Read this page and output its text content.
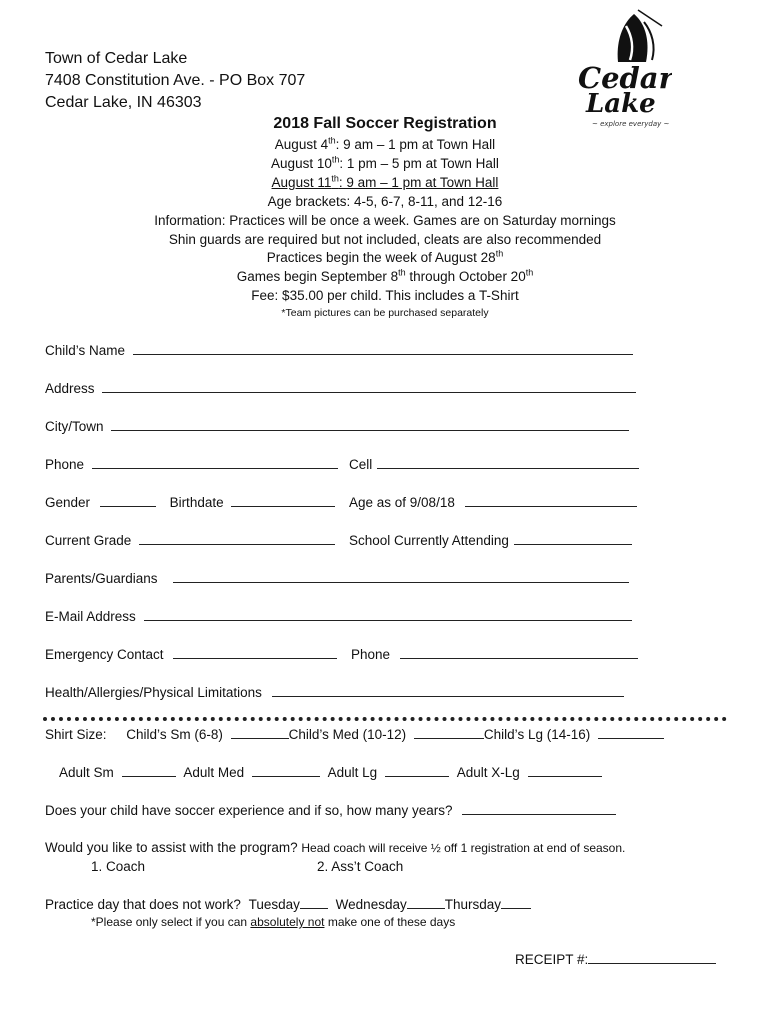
Town of Cedar Lake
7408 Constitution Ave. - PO Box 707
Cedar Lake, IN 46303
Cedar
Lake
~ explore everyday ~
2018 Fall Soccer Registration
August 4th: 9 am – 1 pm at Town Hall
August 10th: 1 pm – 5 pm at Town Hall
August 11th: 9 am – 1 pm at Town Hall
Age brackets: 4-5, 6-7, 8-11, and 12-16
Information: Practices will be once a week. Games are on Saturday mornings
Shin guards are required but not included, cleats are also recommended
Practices begin the week of August 28th
Games begin September 8th through October 20th
Fee: $35.00 per child. This includes a T-Shirt
*Team pictures can be purchased separately
Child’s Name
Address
City/Town
Phone	Cell
Gender	Birthdate	Age as of 9/08/18
Current Grade	School Currently Attending
Parents/Guardians
E-Mail Address
Emergency Contact	Phone
Health/Allergies/Physical Limitations
Shirt Size: Child’s Sm (6-8)	Child’s Med (10-12)	Child’s Lg (14-16)
Adult Sm	Adult Med	Adult Lg	Adult X-Lg
Does your child have soccer experience and if so, how many years?
Would you like to assist with the program? Head coach will receive ½ off 1 registration at end of season.
1. Coach	2. Ass’t Coach
Practice day that does not work? Tuesday	Wednesday	Thursday
*Please only select if you can absolutely not make one of these days
RECEIPT #:
